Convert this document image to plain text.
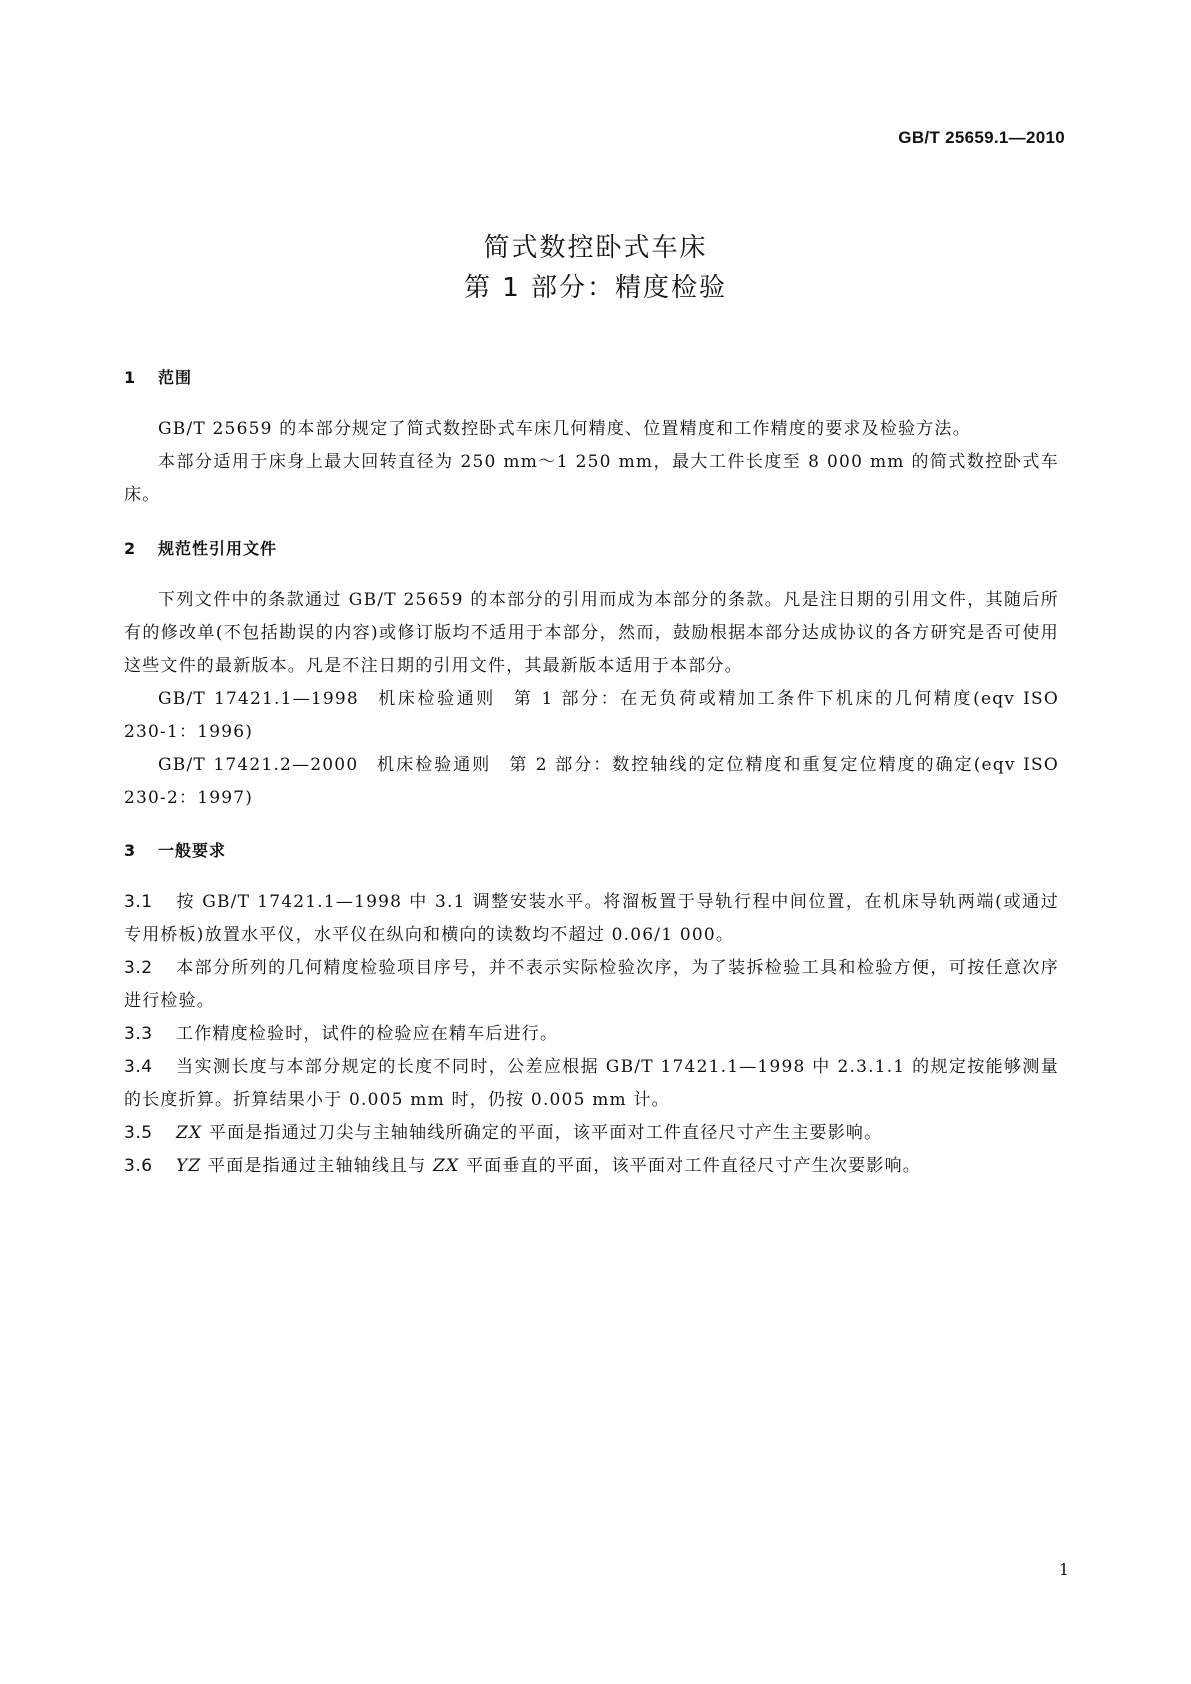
GB/T 25659.1—2010
简式数控卧式车床
第 1 部分：精度检验
1 范围

GB/T 25659 的本部分规定了简式数控卧式车床几何精度、位置精度和工作精度的要求及检验方法。

本部分适用于床身上最大回转直径为 250 mm～1 250 mm，最大工件长度至 8 000 mm 的简式数控卧式车床。

2 规范性引用文件

下列文件中的条款通过 GB/T 25659 的本部分的引用而成为本部分的条款。凡是注日期的引用文件，其随后所有的修改单(不包括勘误的内容)或修订版均不适用于本部分，然而，鼓励根据本部分达成协议的各方研究是否可使用这些文件的最新版本。凡是不注日期的引用文件，其最新版本适用于本部分。

GB/T 17421.1—1998 机床检验通则 第 1 部分：在无负荷或精加工条件下机床的几何精度(eqv ISO 230-1：1996)

GB/T 17421.2—2000 机床检验通则 第 2 部分：数控轴线的定位精度和重复定位精度的确定(eqv ISO 230-2：1997)

3 一般要求

3.1 按 GB/T 17421.1—1998 中 3.1 调整安装水平。将溜板置于导轨行程中间位置，在机床导轨两端(或通过专用桥板)放置水平仪，水平仪在纵向和横向的读数均不超过 0.06/1 000。

3.2 本部分所列的几何精度检验项目序号，并不表示实际检验次序，为了装拆检验工具和检验方便，可按任意次序进行检验。

3.3 工作精度检验时，试件的检验应在精车后进行。

3.4 当实测长度与本部分规定的长度不同时，公差应根据 GB/T 17421.1—1998 中 2.3.1.1 的规定按能够测量的长度折算。折算结果小于 0.005 mm 时，仍按 0.005 mm 计。

3.5 ZX 平面是指通过刀尖与主轴轴线所确定的平面，该平面对工件直径尺寸产生主要影响。

3.6 YZ 平面是指通过主轴轴线且与 ZX 平面垂直的平面，该平面对工件直径尺寸产生次要影响。

1
